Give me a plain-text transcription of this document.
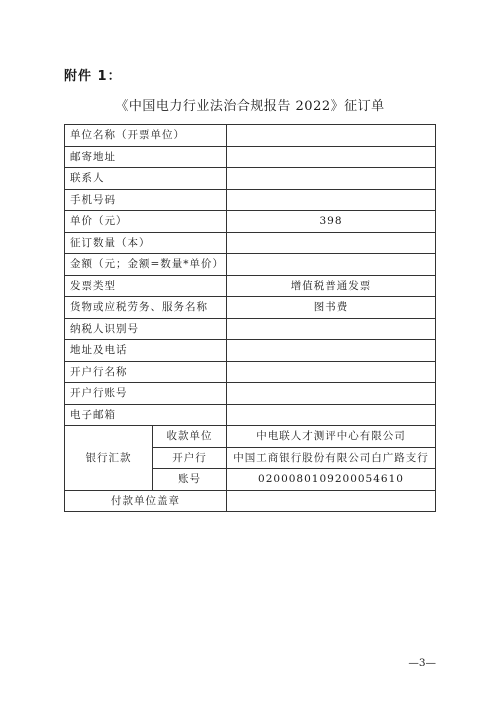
附件 1：
《中国电力行业法治合规报告 2022》征订单
单位名称（开票单位）		
邮寄地址		
联系人		
手机号码		
单价（元）		398
征订数量（本）		
金额（元；金额=数量*单价）		
发票类型		增值税普通发票
货物或应税劳务、服务名称		图书费
纳税人识别号		
地址及电话		
开户行名称		
开户行账号		
电子邮箱		
银行汇款	收款单位	中电联人才测评中心有限公司
	开户行	中国工商银行股份有限公司白广路支行
	账号	0200080109200054610
付款单位盖章		
—3—
